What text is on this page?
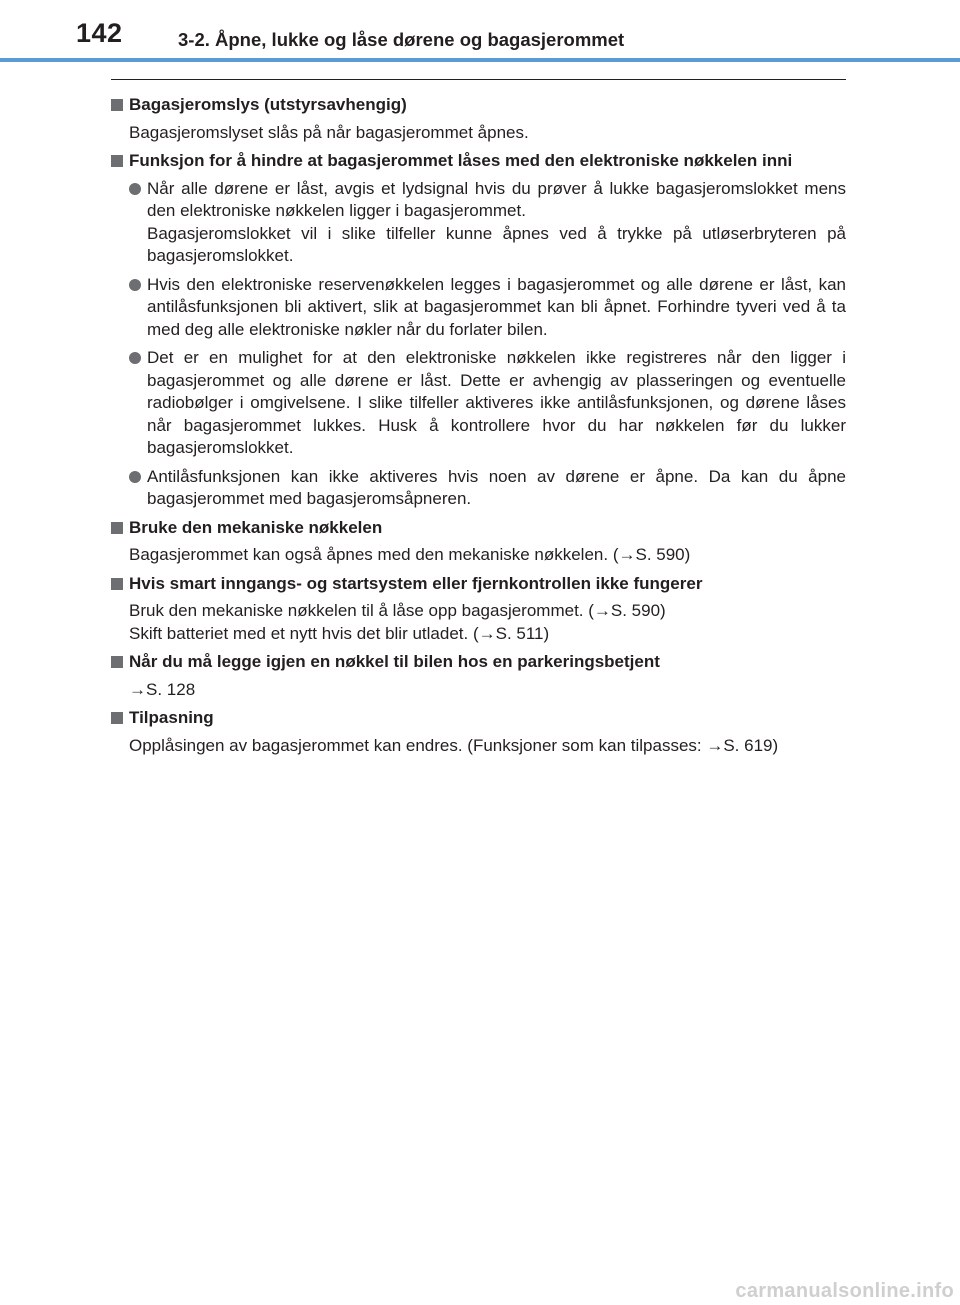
142	3-2. Åpne, lukke og låse dørene og bagasjerommet
Bagasjeromslys (utstyrsavhengig)
Bagasjeromslyset slås på når bagasjerommet åpnes.
Funksjon for å hindre at bagasjerommet låses med den elektroniske nøkkelen inni
Når alle dørene er låst, avgis et lydsignal hvis du prøver å lukke bagasjeromslokket mens den elektroniske nøkkelen ligger i bagasjerommet.
Bagasjeromslokket vil i slike tilfeller kunne åpnes ved å trykke på utløserbryteren på bagasjeromslokket.
Hvis den elektroniske reservenøkkelen legges i bagasjerommet og alle dørene er låst, kan antilåsfunksjonen bli aktivert, slik at bagasjerommet kan bli åpnet. Forhindre tyveri ved å ta med deg alle elektroniske nøkler når du forlater bilen.
Det er en mulighet for at den elektroniske nøkkelen ikke registreres når den ligger i bagasjerommet og alle dørene er låst. Dette er avhengig av plasseringen og eventuelle radiobølger i omgivelsene. I slike tilfeller aktiveres ikke antilåsfunksjonen, og dørene låses når bagasjerommet lukkes. Husk å kontrollere hvor du har nøkkelen før du lukker bagasjeromslokket.
Antilåsfunksjonen kan ikke aktiveres hvis noen av dørene er åpne. Da kan du åpne bagasjerommet med bagasjeromsåpneren.
Bruke den mekaniske nøkkelen
Bagasjerommet kan også åpnes med den mekaniske nøkkelen. (→S. 590)
Hvis smart inngangs- og startsystem eller fjernkontrollen ikke fungerer
Bruk den mekaniske nøkkelen til å låse opp bagasjerommet. (→S. 590)
Skift batteriet med et nytt hvis det blir utladet. (→S. 511)
Når du må legge igjen en nøkkel til bilen hos en parkeringsbetjent
→S. 128
Tilpasning
Opplåsingen av bagasjerommet kan endres. (Funksjoner som kan tilpasses: →S. 619)
carmanualsonline.info
